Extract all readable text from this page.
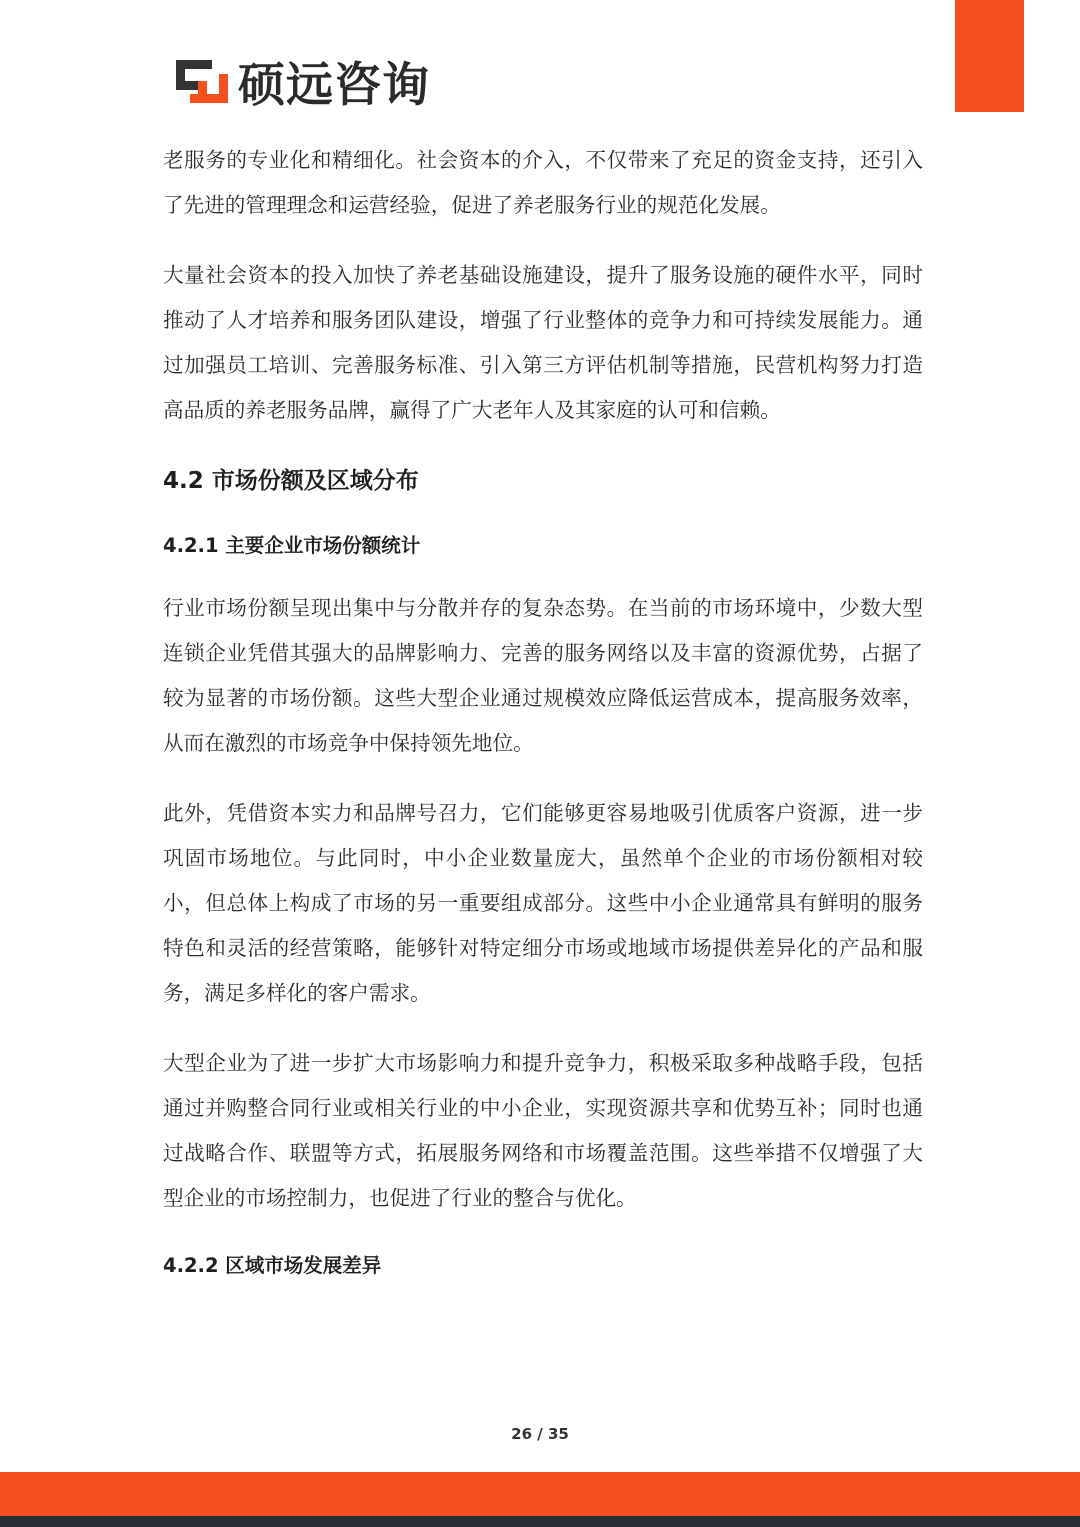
硕远咨询

老服务的专业化和精细化。社会资本的介入，不仅带来了充足的资金支持，还引入了先进的管理理念和运营经验，促进了养老服务行业的规范化发展。

大量社会资本的投入加快了养老基础设施建设，提升了服务设施的硬件水平，同时推动了人才培养和服务团队建设，增强了行业整体的竞争力和可持续发展能力。通过加强员工培训、完善服务标准、引入第三方评估机制等措施，民营机构努力打造高品质的养老服务品牌，赢得了广大老年人及其家庭的认可和信赖。

4.2 市场份额及区域分布
4.2.1 主要企业市场份额统计

行业市场份额呈现出集中与分散并存的复杂态势。在当前的市场环境中，少数大型连锁企业凭借其强大的品牌影响力、完善的服务网络以及丰富的资源优势，占据了较为显著的市场份额。这些大型企业通过规模效应降低运营成本，提高服务效率，从而在激烈的市场竞争中保持领先地位。

此外，凭借资本实力和品牌号召力，它们能够更容易地吸引优质客户资源，进一步巩固市场地位。与此同时，中小企业数量庞大，虽然单个企业的市场份额相对较小，但总体上构成了市场的另一重要组成部分。这些中小企业通常具有鲜明的服务特色和灵活的经营策略，能够针对特定细分市场或地域市场提供差异化的产品和服务，满足多样化的客户需求。

大型企业为了进一步扩大市场影响力和提升竞争力，积极采取多种战略手段，包括通过并购整合同行业或相关行业的中小企业，实现资源共享和优势互补；同时也通过战略合作、联盟等方式，拓展服务网络和市场覆盖范围。这些举措不仅增强了大型企业的市场控制力，也促进了行业的整合与优化。

4.2.2 区域市场发展差异
26 / 35
